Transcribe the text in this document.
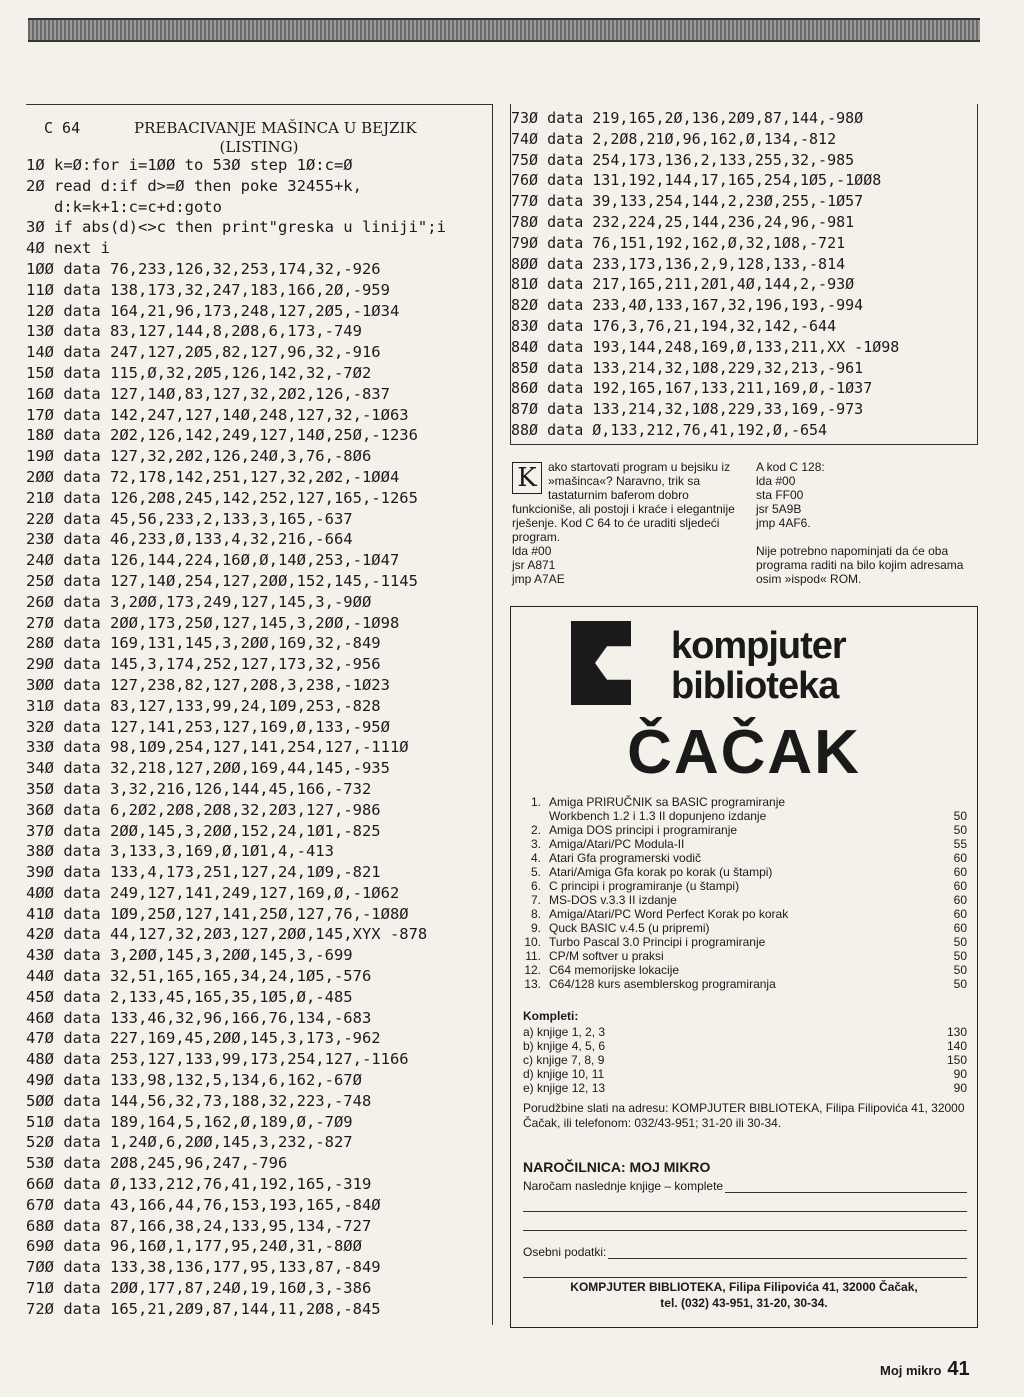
C 64	PREBACIVANJE MAŠINCA U BEJZIK
(LISTING)
1Ø k=Ø:for i=1ØØ to 53Ø step 1Ø:c=Ø
2Ø read d:if d>=Ø then poke 32455+k,
d:k=k+1:c=c+d:goto
3Ø if abs(d)<>c then print"greska u liniji";i
4Ø next i
1ØØ data 76,233,126,32,253,174,32,-926
11Ø data 138,173,32,247,183,166,2Ø,-959
12Ø data 164,21,96,173,248,127,2Ø5,-1Ø34
13Ø data 83,127,144,8,2Ø8,6,173,-749
14Ø data 247,127,2Ø5,82,127,96,32,-916
15Ø data 115,Ø,32,2Ø5,126,142,32,-7Ø2
16Ø data 127,14Ø,83,127,32,2Ø2,126,-837
17Ø data 142,247,127,14Ø,248,127,32,-1Ø63
18Ø data 2Ø2,126,142,249,127,14Ø,25Ø,-1236
19Ø data 127,32,2Ø2,126,24Ø,3,76,-8Ø6
2ØØ data 72,178,142,251,127,32,2Ø2,-1ØØ4
21Ø data 126,2Ø8,245,142,252,127,165,-1265
22Ø data 45,56,233,2,133,3,165,-637
23Ø data 46,233,Ø,133,4,32,216,-664
24Ø data 126,144,224,16Ø,Ø,14Ø,253,-1Ø47
25Ø data 127,14Ø,254,127,2ØØ,152,145,-1145
26Ø data 3,2ØØ,173,249,127,145,3,-9ØØ
27Ø data 2ØØ,173,25Ø,127,145,3,2ØØ,-1Ø98
28Ø data 169,131,145,3,2ØØ,169,32,-849
29Ø data 145,3,174,252,127,173,32,-956
3ØØ data 127,238,82,127,2Ø8,3,238,-1Ø23
31Ø data 83,127,133,99,24,1Ø9,253,-828
32Ø data 127,141,253,127,169,Ø,133,-95Ø
33Ø data 98,1Ø9,254,127,141,254,127,-111Ø
34Ø data 32,218,127,2ØØ,169,44,145,-935
35Ø data 3,32,216,126,144,45,166,-732
36Ø data 6,2Ø2,2Ø8,2Ø8,32,2Ø3,127,-986
37Ø data 2ØØ,145,3,2ØØ,152,24,1Ø1,-825
38Ø data 3,133,3,169,Ø,1Ø1,4,-413
39Ø data 133,4,173,251,127,24,1Ø9,-821
4ØØ data 249,127,141,249,127,169,Ø,-1Ø62
41Ø data 1Ø9,25Ø,127,141,25Ø,127,76,-1Ø8Ø
42Ø data 44,127,32,2Ø3,127,2ØØ,145,XYX -878
43Ø data 3,2ØØ,145,3,2ØØ,145,3,-699
44Ø data 32,51,165,165,34,24,1Ø5,-576
45Ø data 2,133,45,165,35,1Ø5,Ø,-485
46Ø data 133,46,32,96,166,76,134,-683
47Ø data 227,169,45,2ØØ,145,3,173,-962
48Ø data 253,127,133,99,173,254,127,-1166
49Ø data 133,98,132,5,134,6,162,-67Ø
5ØØ data 144,56,32,73,188,32,223,-748
51Ø data 189,164,5,162,Ø,189,Ø,-7Ø9
52Ø data 1,24Ø,6,2ØØ,145,3,232,-827
53Ø data 2Ø8,245,96,247,-796
66Ø data Ø,133,212,76,41,192,165,-319
67Ø data 43,166,44,76,153,193,165,-84Ø
68Ø data 87,166,38,24,133,95,134,-727
69Ø data 96,16Ø,1,177,95,24Ø,31,-8ØØ
7ØØ data 133,38,136,177,95,133,87,-849
71Ø data 2ØØ,177,87,24Ø,19,16Ø,3,-386
72Ø data 165,21,2Ø9,87,144,11,2Ø8,-845
73Ø data 219,165,2Ø,136,2Ø9,87,144,-98Ø
74Ø data 2,2Ø8,21Ø,96,162,Ø,134,-812
75Ø data 254,173,136,2,133,255,32,-985
76Ø data 131,192,144,17,165,254,1Ø5,-1ØØ8
77Ø data 39,133,254,144,2,23Ø,255,-1Ø57
78Ø data 232,224,25,144,236,24,96,-981
79Ø data 76,151,192,162,Ø,32,1Ø8,-721
8ØØ data 233,173,136,2,9,128,133,-814
81Ø data 217,165,211,2Ø1,4Ø,144,2,-93Ø
82Ø data 233,4Ø,133,167,32,196,193,-994
83Ø data 176,3,76,21,194,32,142,-644
84Ø data 193,144,248,169,Ø,133,211,XX -1Ø98
85Ø data 133,214,32,1Ø8,229,32,213,-961
86Ø data 192,165,167,133,211,169,Ø,-1Ø37
87Ø data 133,214,32,1Ø8,229,33,169,-973
88Ø data Ø,133,212,76,41,192,Ø,-654
K ako startovati program u bejsiku iz »mašinca«? Naravno, trik sa tastaturnim baferom dobro funkcioniše, ali postoji i kraće i elegantnije rješenje. Kod C 64 to će uraditi sljedeći program.
lda #00
jsr A871
jmp A7AE
A kod C 128:
lda #00
sta FF00
jsr 5A9B
jmp 4AF6.
Nije potrebno napominjati da će oba programa raditi na bilo kojim adresama osim »ispod« ROM.
kompjuter
biblioteka
ČAČAK
1. Amiga PRIRUČNIK sa BASIC programiranje
Workbench 1.2 i 1.3 II dopunjeno izdanje	50
2. Amiga DOS principi i programiranje	50
3. Amiga/Atari/PC Modula-II	55
4. Atari Gfa programerski vodič	60
5. Atari/Amiga Gfa korak po korak (u štampi)	60
6. C principi i programiranje (u štampi)	60
7. MS-DOS v.3.3 II izdanje	60
8. Amiga/Atari/PC Word Perfect Korak po korak	60
9. Quck BASIC v.4.5 (u pripremi)	60
10. Turbo Pascal 3.0 Principi i programiranje	50
11. CP/M softver u praksi	50
12. C64 memorijske lokacije	50
13. C64/128 kurs asemblerskog programiranja	50
Kompleti:
a) knjige 1, 2, 3	130
b) knjige 4, 5, 6	140
c) knjige 7, 8, 9	150
d) knjige 10, 11	90
e) knjige 12, 13	90
Porudžbine slati na adresu: KOMPJUTER BIBLIOTEKA, Filipa Filipovića 41, 32000 Čačak, ili telefonom: 032/43-951; 31-20 ili 30-34.
NAROČILNICA: MOJ MIKRO
Naročam naslednje knjige – komplete
Osebni podatki:
KOMPJUTER BIBLIOTEKA, Filipa Filipovića 41, 32000 Čačak,
tel. (032) 43-951, 31-20, 30-34.
Moj mikro 41
